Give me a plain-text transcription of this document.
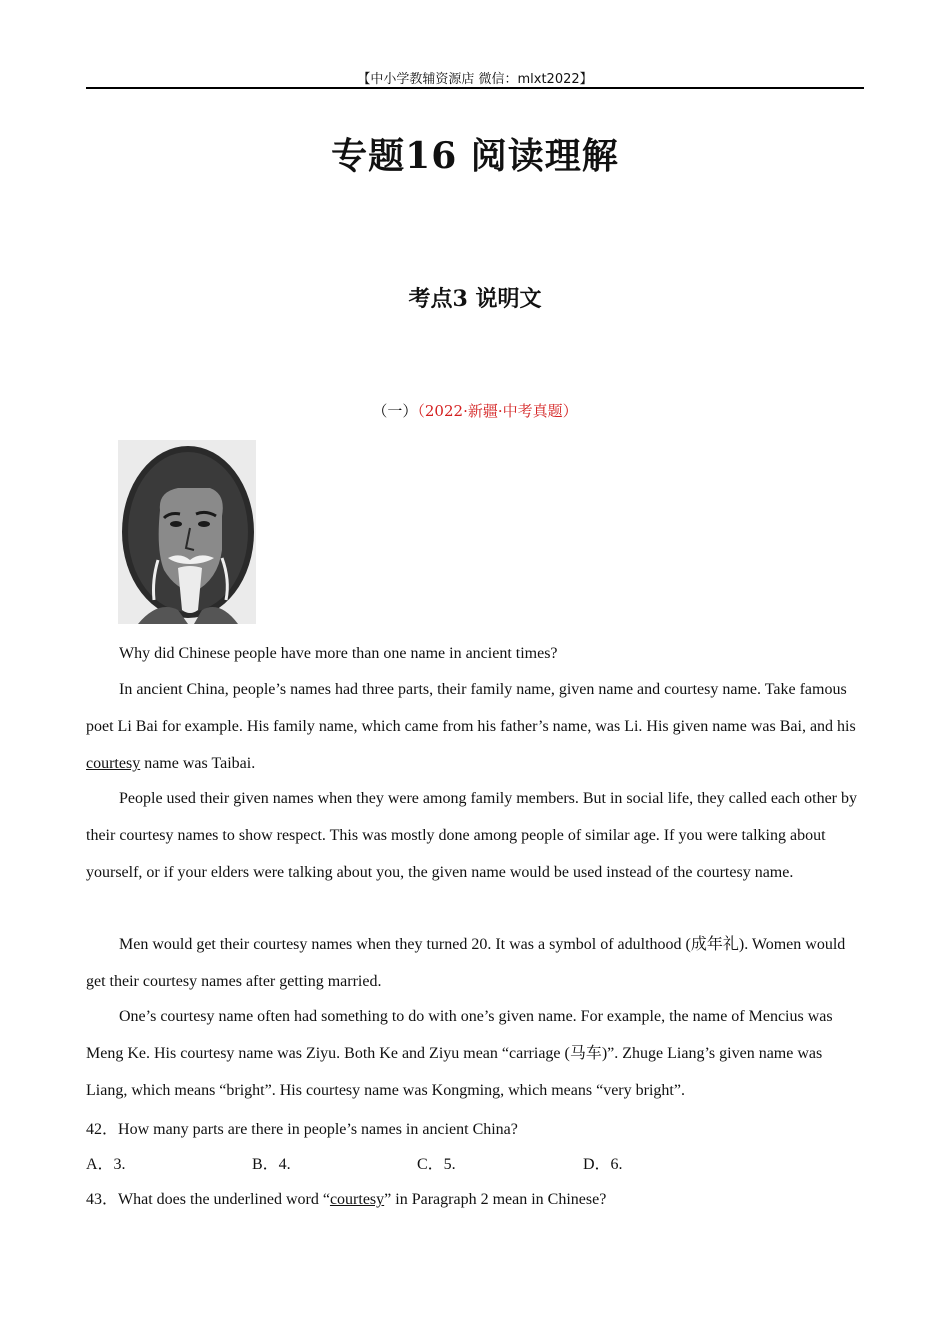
【中小学教辅资源店 微信：mlxt2022】
专题16 阅读理解
考点3 说明文
（一）（2022·新疆·中考真题）
Why did Chinese people have more than one name in ancient times?

In ancient China, people’s names had three parts, their family name, given name and courtesy name. Take famous poet Li Bai for example. His family name, which came from his father’s name, was Li. His given name was Bai, and his courtesy name was Taibai.

People used their given names when they were among family members. But in social life, they called each other by their courtesy names to show respect. This was mostly done among people of similar age. If you were talking about yourself, or if your elders were talking about you, the given name would be used instead of the courtesy name.

Men would get their courtesy names when they turned 20. It was a symbol of adulthood (成年礼). Women would get their courtesy names after getting married.

One’s courtesy name often had something to do with one’s given name. For example, the name of Mencius was Meng Ke. His courtesy name was Ziyu. Both Ke and Ziyu mean “carriage (马车)”. Zhuge Liang’s given name was Liang, which means “bright”. His courtesy name was Kongming, which means “very bright”.

42．How many parts are there in people’s names in ancient China?
A．3.	B．4.	C．5.	D．6.
43．What does the underlined word “courtesy” in Paragraph 2 mean in Chinese?
